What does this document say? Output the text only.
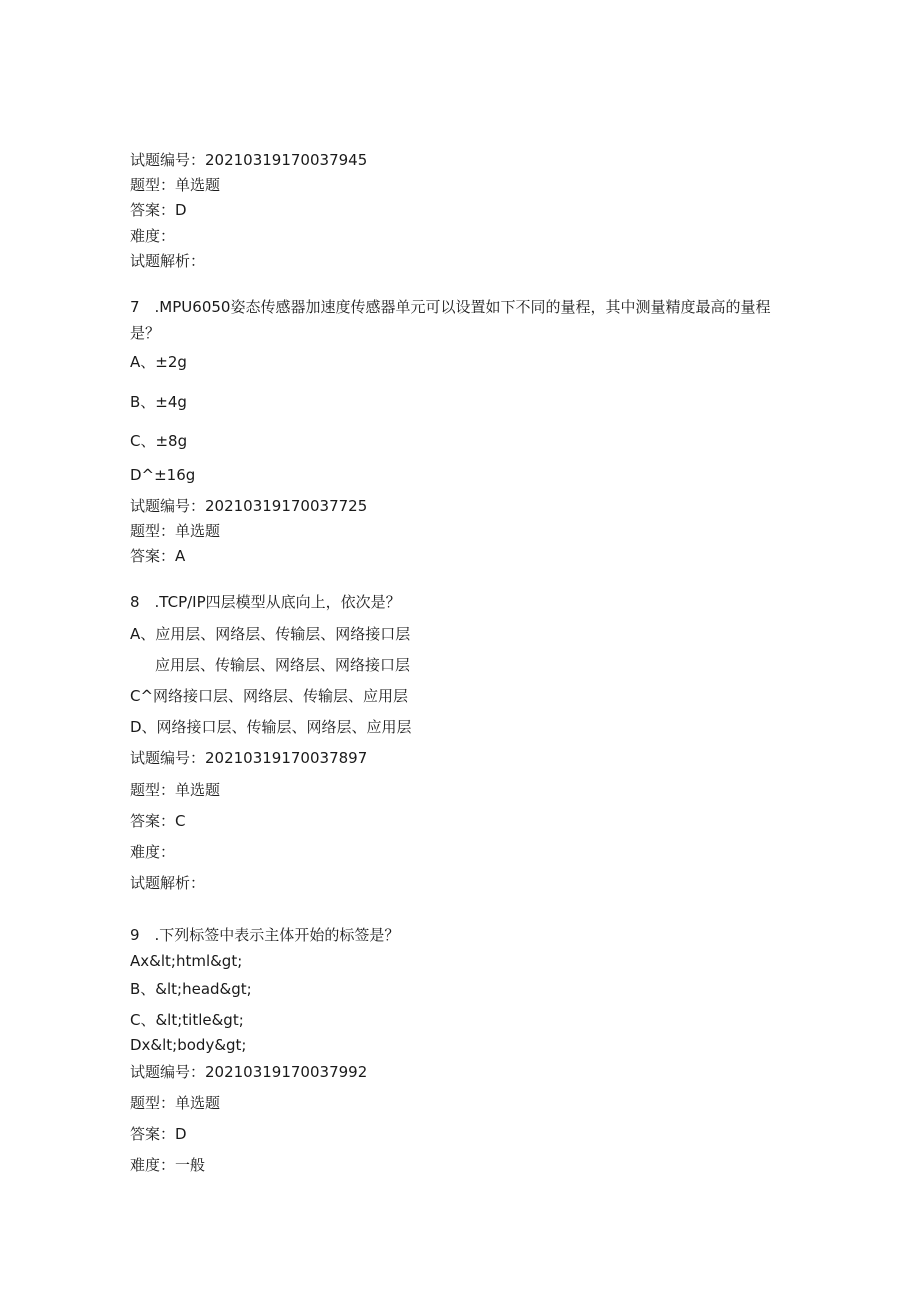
试题编号：20210319170037945
题型：单选题
答案：D
难度：
试题解析：
7　.MPU6050姿态传感器加速度传感器单元可以设置如下不同的量程，其中测量精度最高的量程
是？
A、±2g
B、±4g
C、±8g
D^±16g
试题编号：20210319170037725
题型：单选题
答案：A
8　.TCP/IP四层模型从底向上，依次是？
A、应用层、网络层、传输层、网络接口层
应用层、传输层、网络层、网络接口层
C^网络接口层、网络层、传输层、应用层
D、网络接口层、传输层、网络层、应用层
试题编号：20210319170037897
题型：单选题
答案：C
难度：
试题解析：
9　.下列标签中表示主体开始的标签是？
Ax&lt;html&gt;
B、&lt;head&gt;
C、&lt;title&gt;
Dx&lt;body&gt;
试题编号：20210319170037992
题型：单选题
答案：D
难度：一般
